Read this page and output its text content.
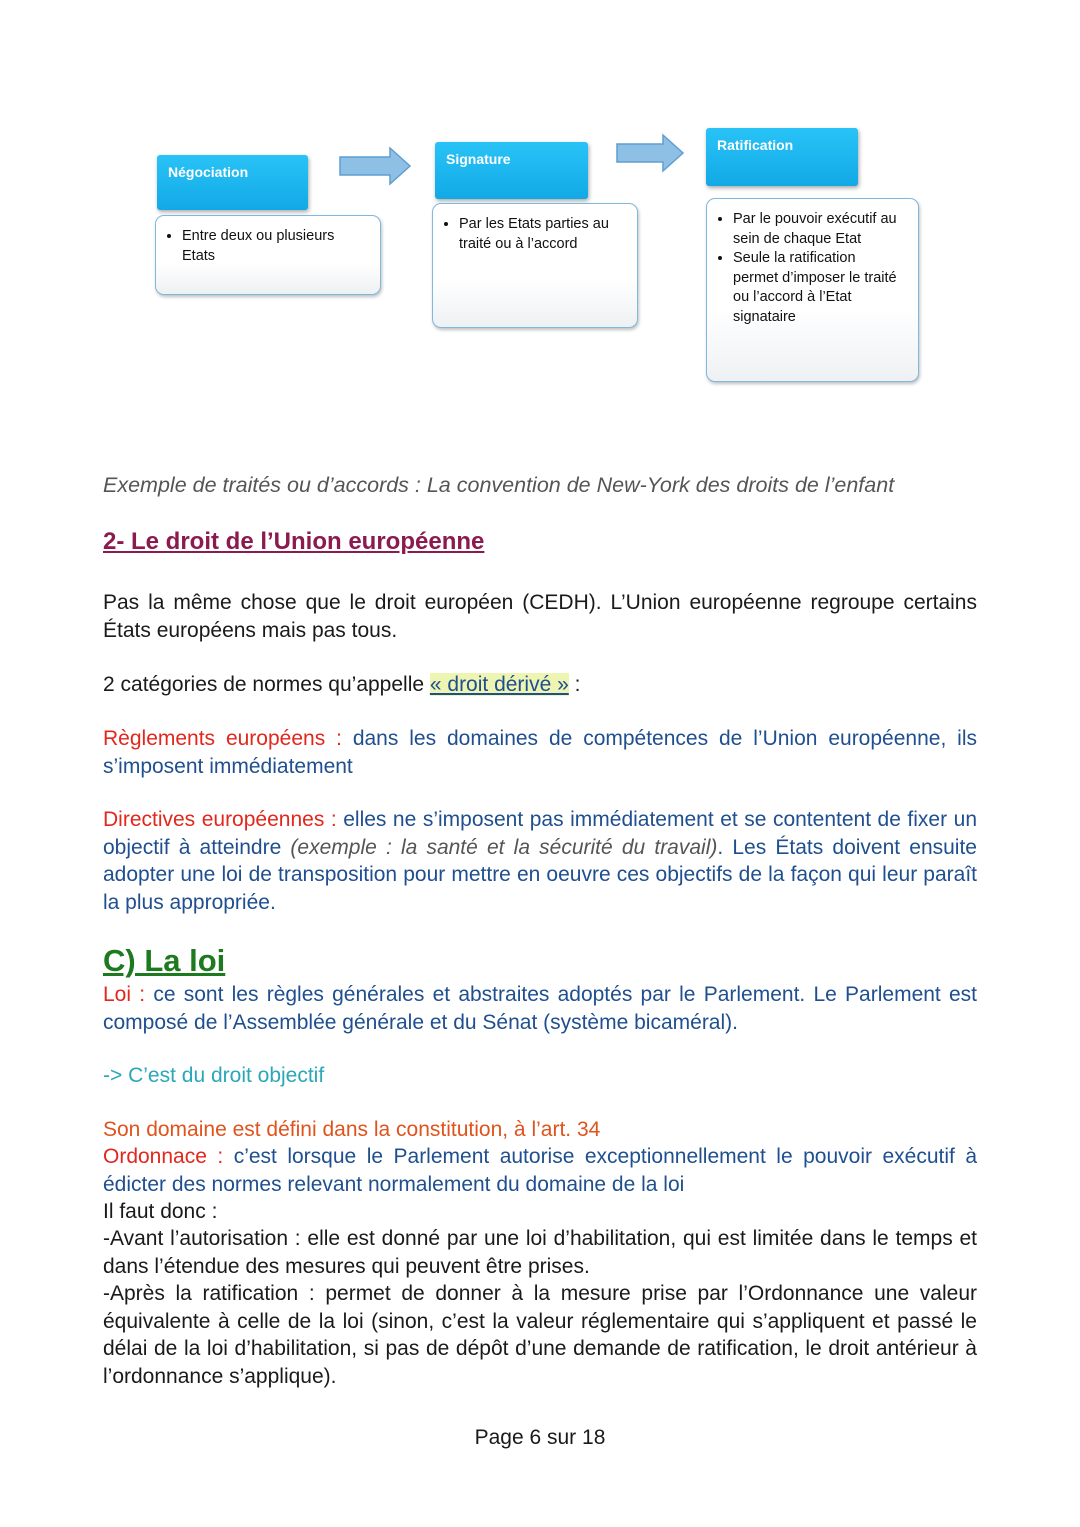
Négociation
• Entre deux ou plusieurs Etats
Signature
• Par les Etats parties au traité ou à l’accord
Ratification
• Par le pouvoir exécutif au sein de chaque Etat
• Seule la ratification permet d’imposer le traité ou l’accord à l’Etat signataire
Exemple de traités ou d’accords : La convention de New-York des droits de l’enfant
2- Le droit de l’Union européenne
Pas la même chose que le droit européen (CEDH). L’Union européenne regroupe certains États européens mais pas tous.
2 catégories de normes qu’appelle « droit dérivé » :
Règlements européens : dans les domaines de compétences de l’Union européenne, ils s’imposent immédiatement
Directives européennes : elles ne s’imposent pas immédiatement et se contentent de fixer un objectif à atteindre (exemple : la santé et la sécurité du travail). Les États doivent ensuite adopter une loi de transposition pour mettre en oeuvre ces objectifs de la façon qui leur paraît la plus appropriée.
C) La loi
Loi : ce sont les règles générales et abstraites adoptés par le Parlement. Le Parlement est composé de l’Assemblée générale et du Sénat (système bicaméral).
-> C’est du droit objectif
Son domaine est défini dans la constitution, à l’art. 34
Ordonnace : c’est lorsque le Parlement autorise exceptionnellement le pouvoir exécutif à édicter des normes relevant normalement du domaine de la loi
Il faut donc :
-Avant l’autorisation : elle est donné par une loi d’habilitation, qui est limitée dans le temps et dans l’étendue des mesures qui peuvent être prises.
-Après la ratification : permet de donner à la mesure prise par l’Ordonnance une valeur équivalente à celle de la loi (sinon, c’est la valeur réglementaire qui s’appliquent et passé le délai de la loi d’habilitation, si pas de dépôt d’une demande de ratification, le droit antérieur à l’ordonnance s’applique).
Page 6 sur 18
